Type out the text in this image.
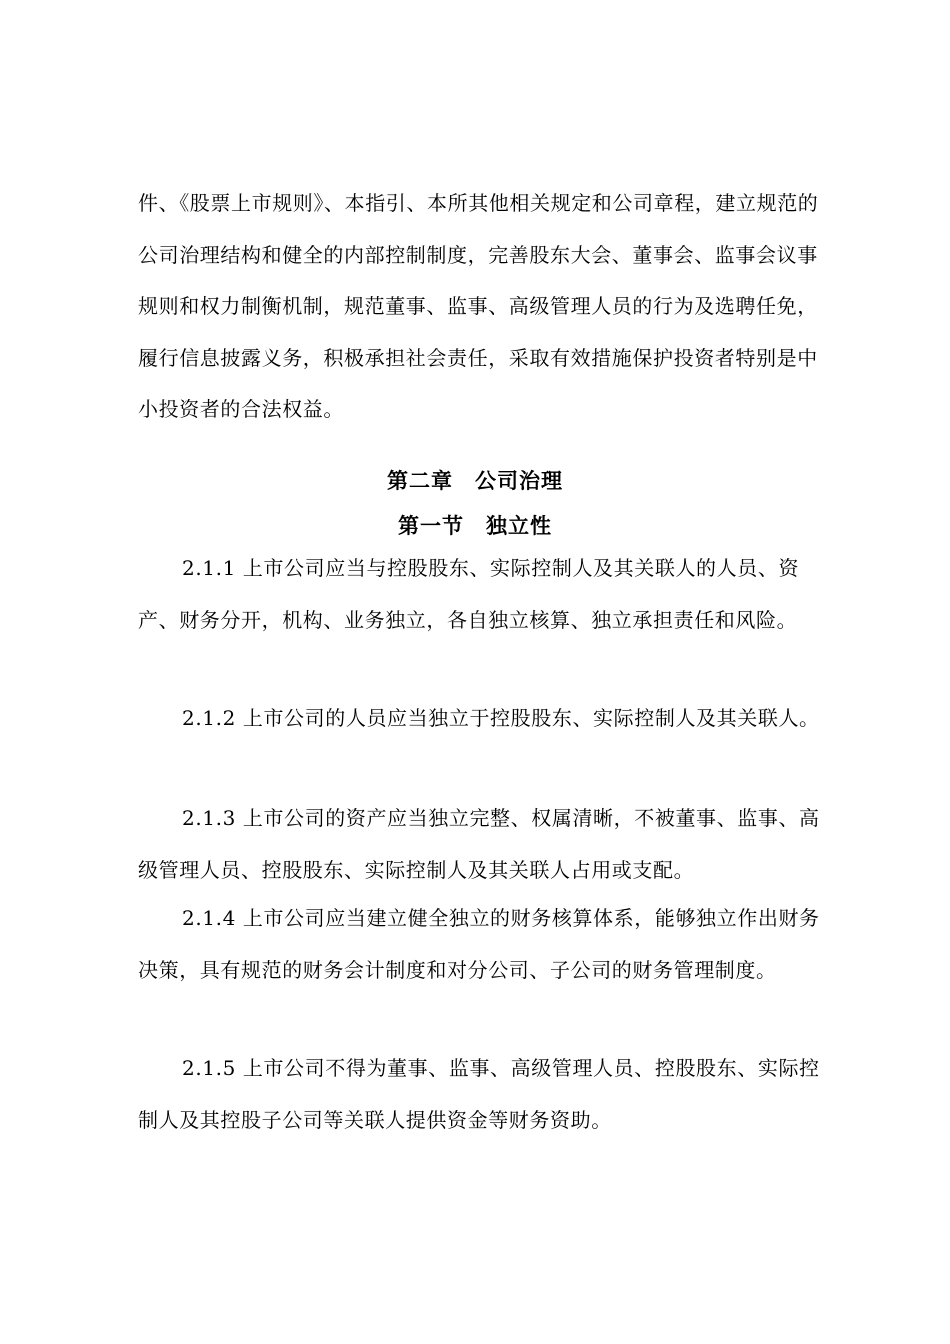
件、《股票上市规则》、本指引、本所其他相关规定和公司章程，建立规范的公司治理结构和健全的内部控制制度，完善股东大会、董事会、监事会议事规则和权力制衡机制，规范董事、监事、高级管理人员的行为及选聘任免，履行信息披露义务，积极承担社会责任，采取有效措施保护投资者特别是中小投资者的合法权益。

第二章　公司治理
第一节　独立性

2.1.1 上市公司应当与控股股东、实际控制人及其关联人的人员、资产、财务分开，机构、业务独立，各自独立核算、独立承担责任和风险。

2.1.2 上市公司的人员应当独立于控股股东、实际控制人及其关联人。

2.1.3 上市公司的资产应当独立完整、权属清晰，不被董事、监事、高级管理人员、控股股东、实际控制人及其关联人占用或支配。

2.1.4 上市公司应当建立健全独立的财务核算体系，能够独立作出财务决策，具有规范的财务会计制度和对分公司、子公司的财务管理制度。

2.1.5 上市公司不得为董事、监事、高级管理人员、控股股东、实际控制人及其控股子公司等关联人提供资金等财务资助。
